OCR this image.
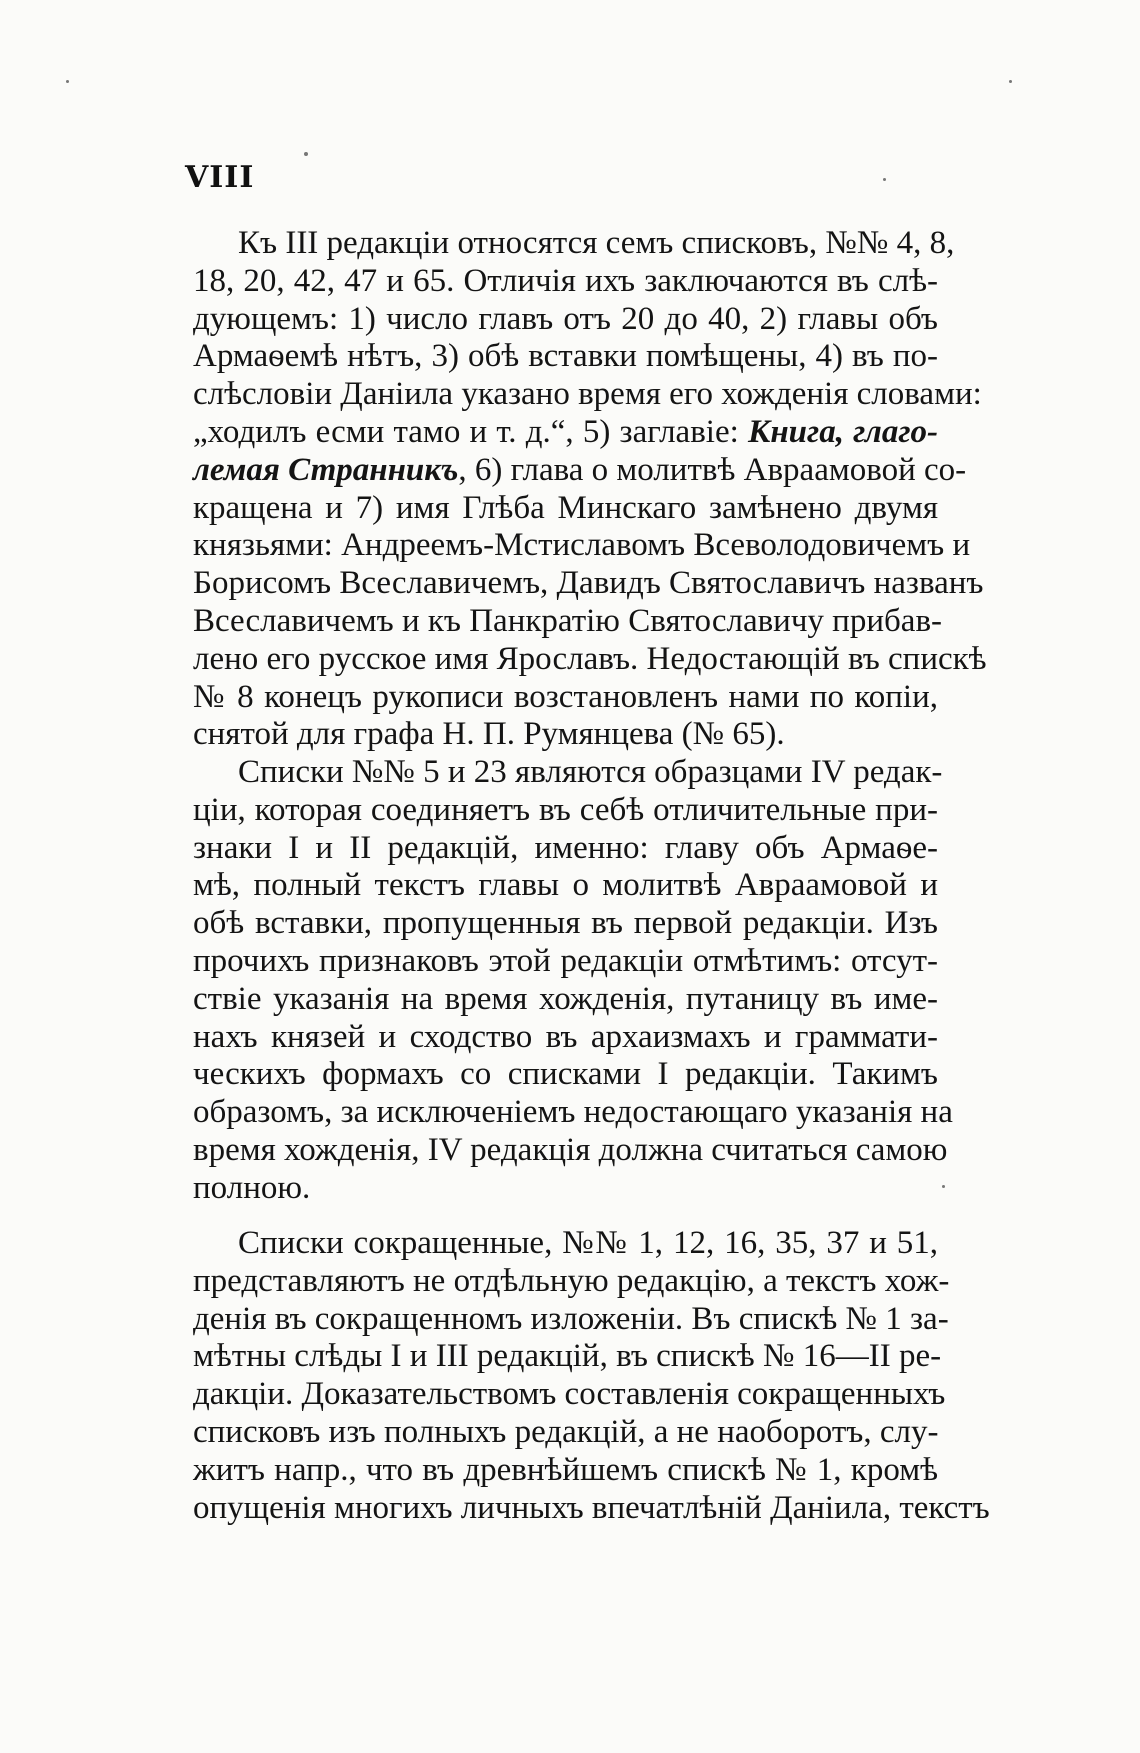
VIII
Къ III редакціи относятся семъ списковъ, №№ 4, 8,
18, 20, 42, 47 и 65. Отличія ихъ заключаются въ слѣ-
дующемъ: 1) число главъ отъ 20 до 40, 2) главы объ
Армаѳемѣ нѣтъ, 3) обѣ вставки помѣщены, 4) въ по-
слѣсловіи Даніила указано время его хожденія словами:
„ходилъ есми тамо и т. д.“, 5) заглавіе: Книга, глаго-
лемая Странникъ, 6) глава о молитвѣ Авраамовой со-
кращена и 7) имя Глѣба Минскаго замѣнено двумя
князьями: Андреемъ-Мстиславомъ Всеволодовичемъ и
Борисомъ Всеславичемъ, Давидъ Святославичъ названъ
Всеславичемъ и къ Панкратію Святославичу прибав-
лено его русское имя Ярославъ. Недостающій въ спискѣ
№ 8 конецъ рукописи возстановленъ нами по копіи,
снятой для графа Н. П. Румянцева (№ 65).
Списки №№ 5 и 23 являются образцами IV редак-
ціи, которая соединяетъ въ себѣ отличительные при-
знаки I и II редакцій, именно: главу объ Армаѳе-
мѣ, полный текстъ главы о молитвѣ Авраамовой и
обѣ вставки, пропущенныя въ первой редакціи. Изъ
прочихъ признаковъ этой редакціи отмѣтимъ: отсут-
ствіе указанія на время хожденія, путаницу въ име-
нахъ князей и сходство въ архаизмахъ и граммати-
ческихъ формахъ со списками I редакціи. Такимъ
образомъ, за исключеніемъ недостающаго указанія на
время хожденія, IV редакція должна считаться самою
полною.
Списки сокращенные, №№ 1, 12, 16, 35, 37 и 51,
представляютъ не отдѣльную редакцію, а текстъ хож-
денія въ сокращенномъ изложеніи. Въ спискѣ № 1 за-
мѣтны слѣды I и III редакцій, въ спискѣ № 16—II ре-
дакціи. Доказательствомъ составленія сокращенныхъ
списковъ изъ полныхъ редакцій, а не наоборотъ, слу-
житъ напр., что въ древнѣйшемъ спискѣ № 1, кромѣ
опущенія многихъ личныхъ впечатлѣній Даніила, текстъ
